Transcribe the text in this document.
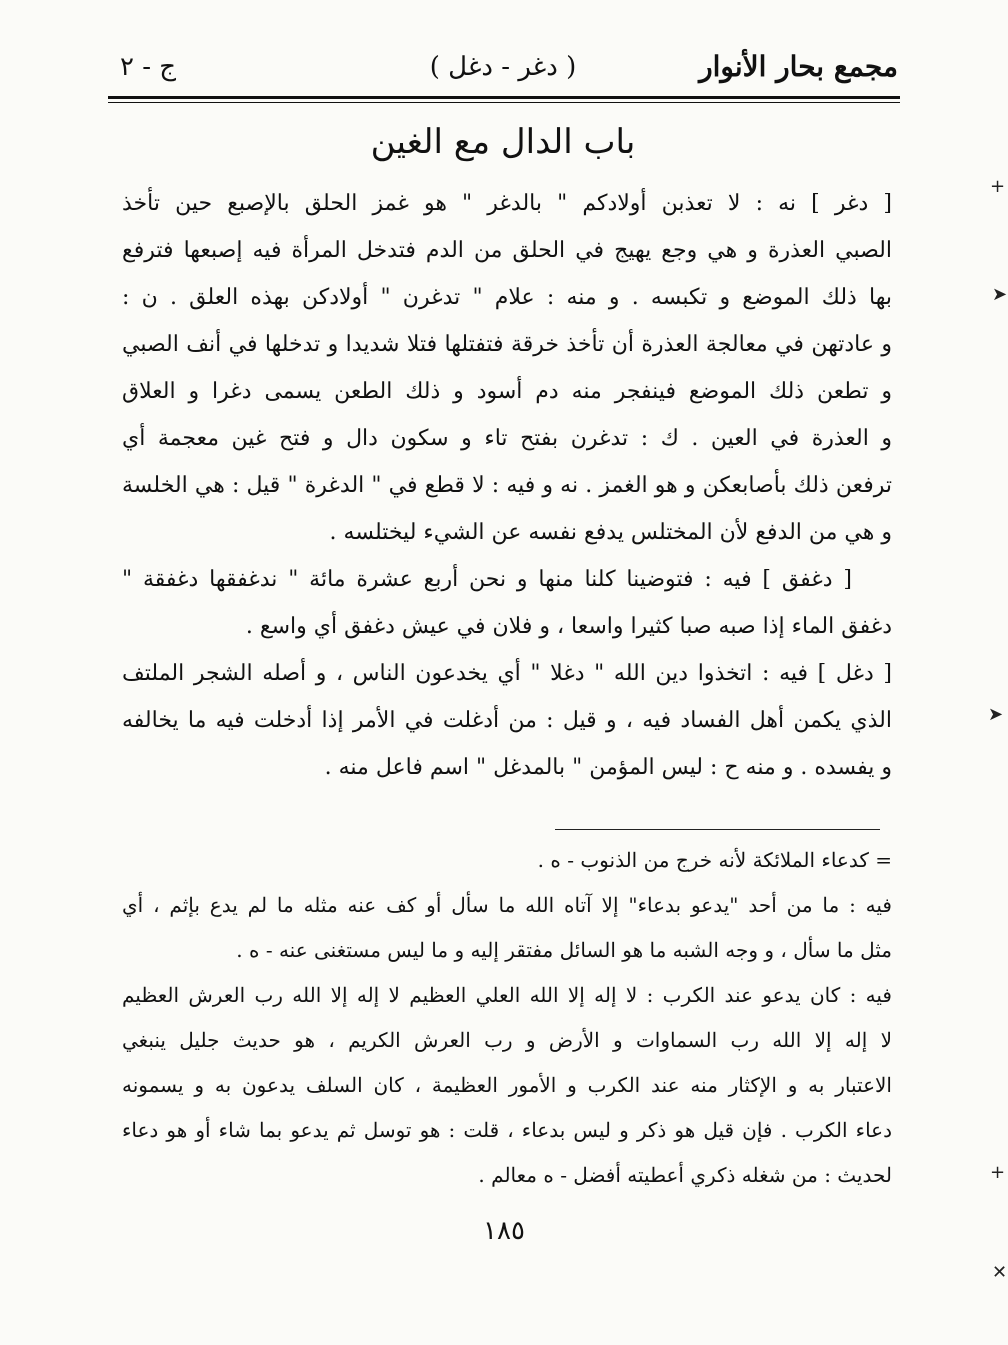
مجمع بحار الأنوار
( دغر - دغل )
ج - ٢
باب الدال مع الغين
[ دغر ] نه : لا تعذبن أولادكم " بالدغر " هو غمز الحلق بالإصبع حين تأخذ
الصبي العذرة و هي وجع يهيج في الحلق من الدم فتدخل المرأة فيه إصبعها فترفع
بها ذلك الموضع و تكبسه . و منه : علام " تدغرن " أولادكن بهذه العلق . ن :
و عادتهن في معالجة العذرة أن تأخذ خرقة فتفتلها فتلا شديدا و تدخلها في أنف الصبي
و تطعن ذلك الموضع فينفجر منه دم أسود و ذلك الطعن يسمى دغرا و العلاق
و العذرة في العين . ك : تدغرن بفتح تاء و سكون دال و فتح غين معجمة أي
ترفعن ذلك بأصابعكن و هو الغمز . نه و فيه : لا قطع في " الدغرة " قيل : هي الخلسة
و هي من الدفع لأن المختلس يدفع نفسه عن الشيء ليختلسه .
[ دغفق ] فيه : فتوضينا كلنا منها و نحن أربع عشرة مائة " ندغفقها دغفقة "
دغفق الماء إذا صبه صبا كثيرا واسعا ، و فلان في عيش دغفق أي واسع .
[ دغل ] فيه : اتخذوا دين الله " دغلا " أي يخدعون الناس ، و أصله الشجر الملتف
الذي يكمن أهل الفساد فيه ، و قيل : من أدغلت في الأمر إذا أدخلت فيه ما يخالفه
و يفسده . و منه ح : ليس المؤمن " بالمدغل " اسم فاعل منه .
= كدعاء الملائكة لأنه خرج من الذنوب - ه .
فيه : ما من أحد "يدعو بدعاء" إلا آتاه الله ما سأل أو كف عنه مثله ما لم يدع بإثم ، أي
مثل ما سأل ، و وجه الشبه ما هو السائل مفتقر إليه و ما ليس مستغنى عنه - ه .
فيه : كان يدعو عند الكرب : لا إله إلا الله العلي العظيم لا إله إلا الله رب العرش العظيم
لا إله إلا الله رب السماوات و الأرض و رب العرش الكريم ، هو حديث جليل ينبغي
الاعتبار به و الإكثار منه عند الكرب و الأمور العظيمة ، كان السلف يدعون به و يسمونه
دعاء الكرب . فإن قيل هو ذكر و ليس بدعاء ، قلت : هو توسل ثم يدعو بما شاء أو هو دعاء
لحديث : من شغله ذكري أعطيته أفضل - ه معالم .
١٨٥
+
➤
➤
+
✕
